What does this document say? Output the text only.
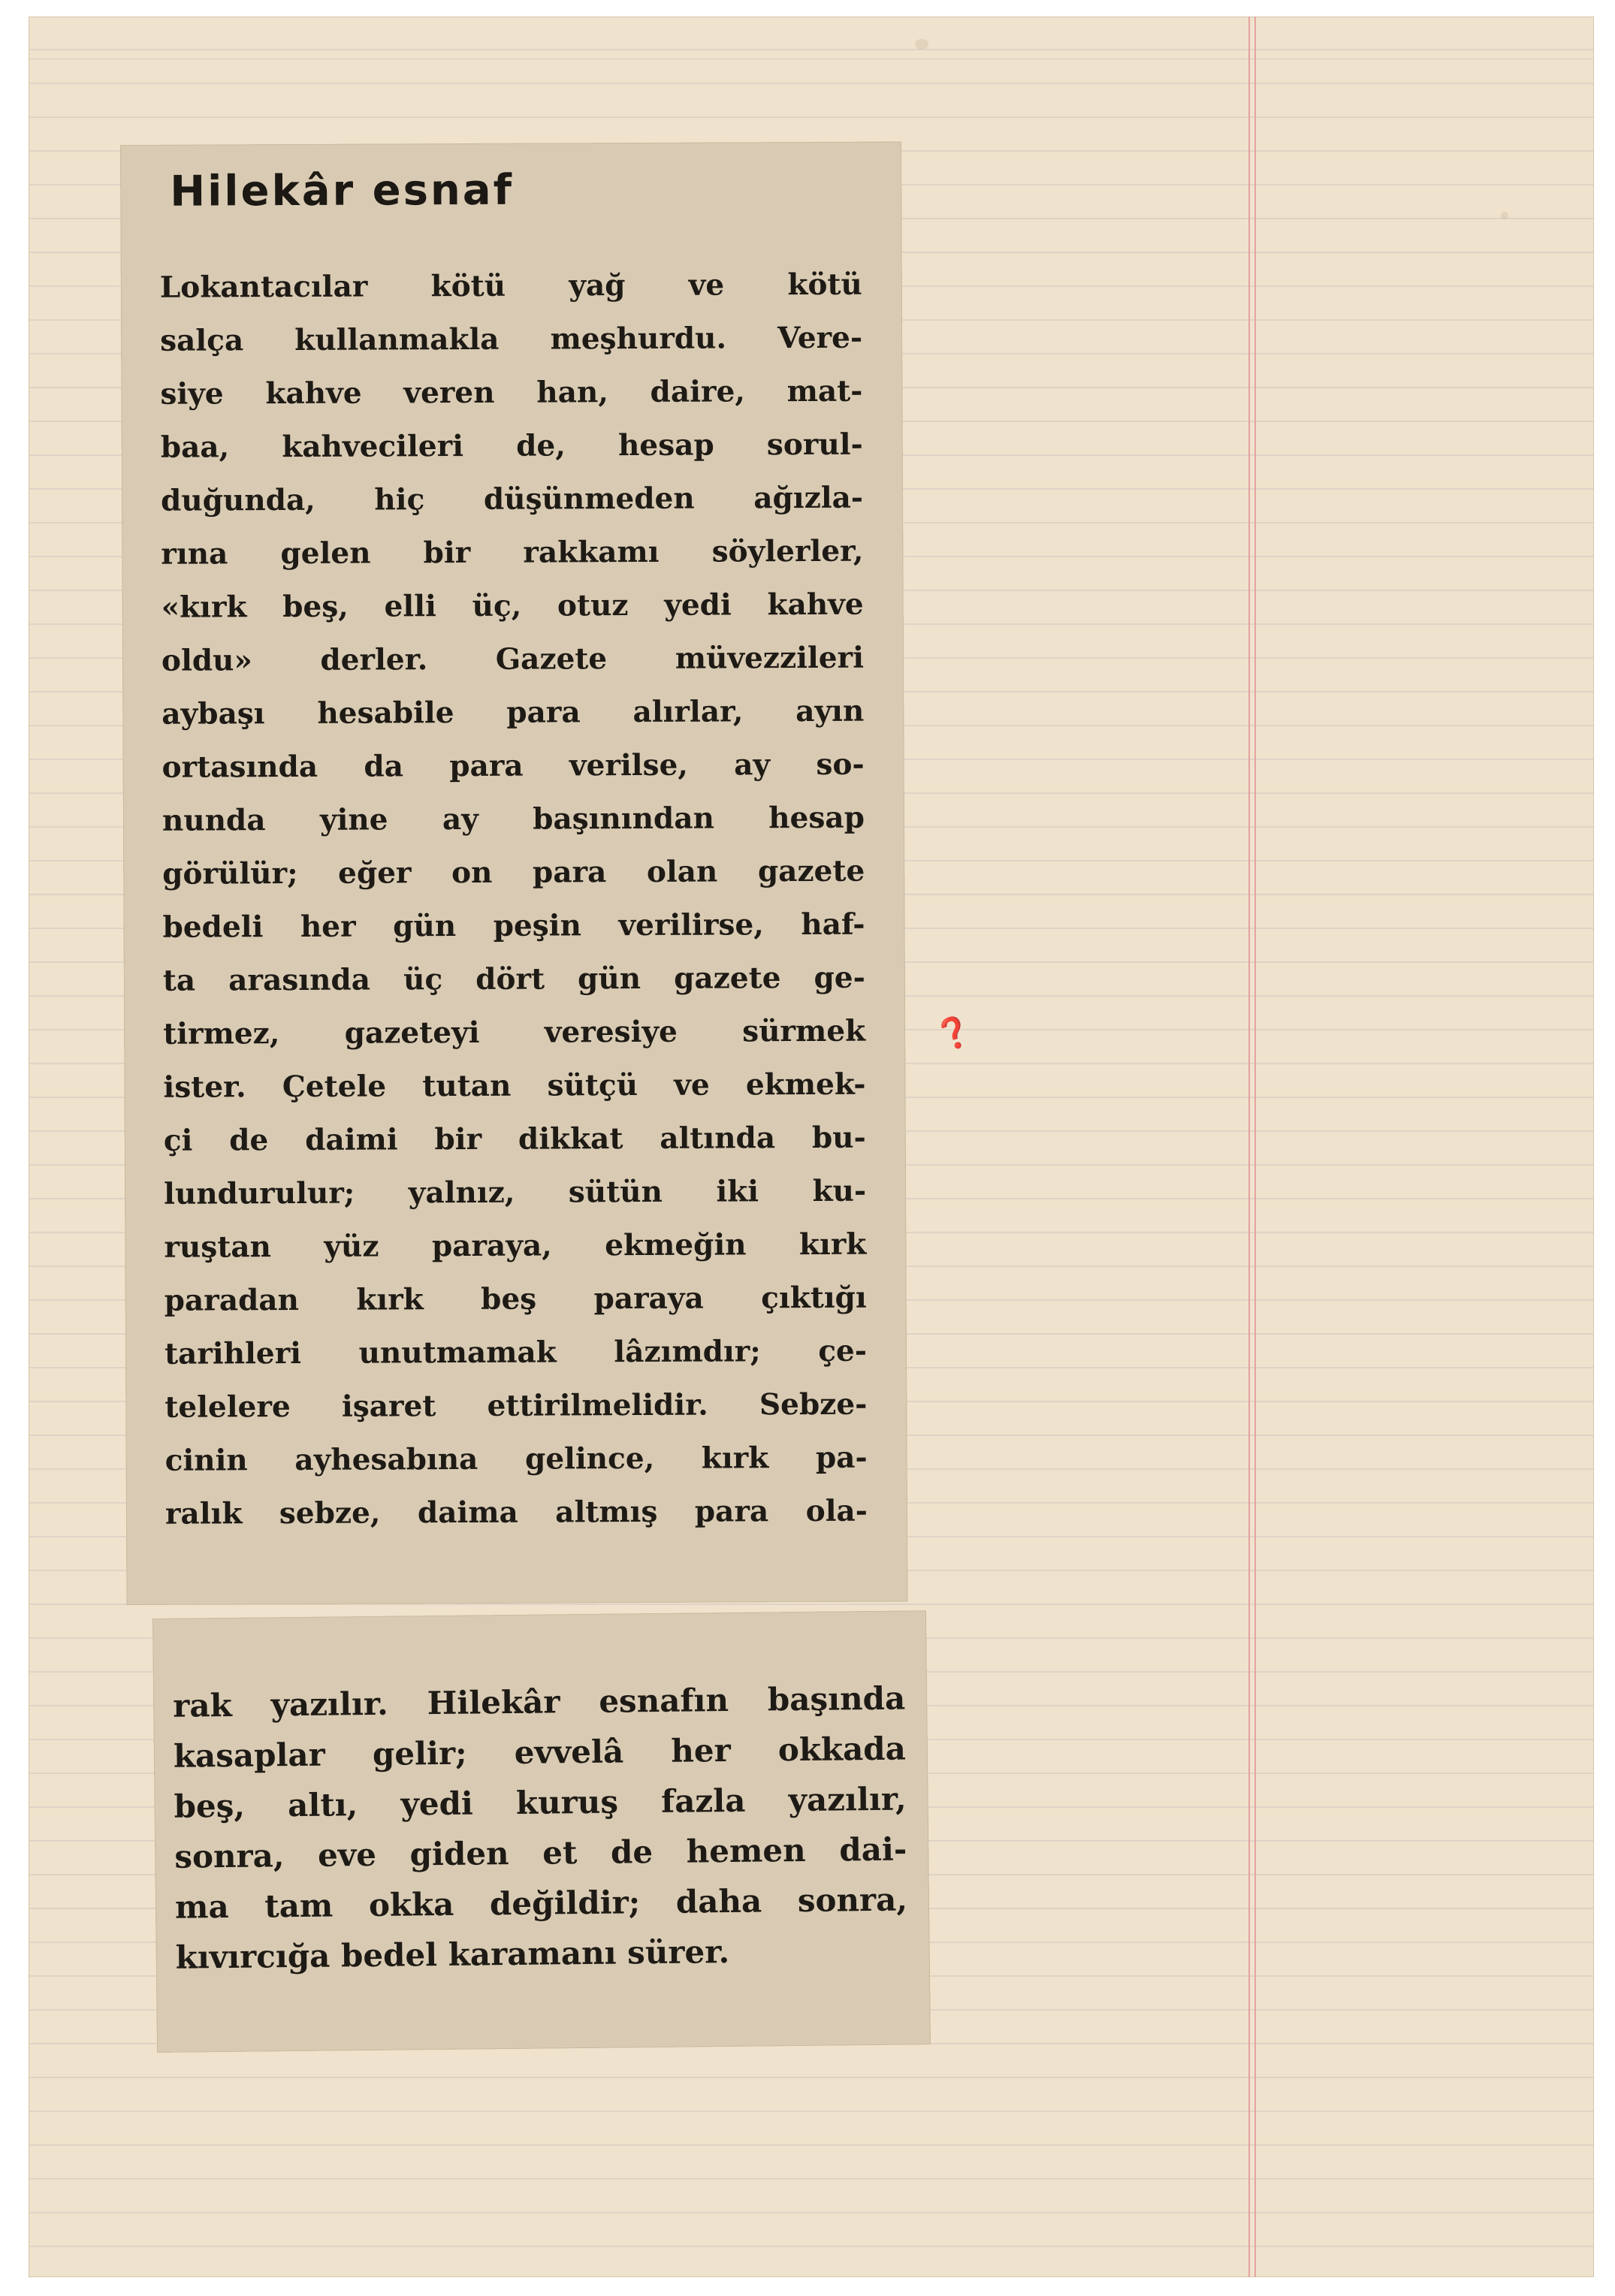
Hilekâr esnaf
Lokantacılar kötü yağ ve kötü
salça kullanmakla meşhurdu. Vere-
siye kahve veren han, daire, mat-
baa, kahvecileri de, hesap sorul-
duğunda, hiç düşünmeden ağızla-
rına gelen bir rakkamı söylerler,
«kırk beş, elli üç, otuz yedi kahve
oldu» derler. Gazete müvezzileri
aybaşı hesabile para alırlar, ayın
ortasında da para verilse, ay so-
nunda yine ay başınından hesap
görülür; eğer on para olan gazete
bedeli her gün peşin verilirse, haf-
ta arasında üç dört gün gazete ge-
tirmez, gazeteyi veresiye sürmek
ister. Çetele tutan sütçü ve ekmek-
çi de daimi bir dikkat altında bu-
lundurulur; yalnız, sütün iki ku-
ruştan yüz paraya, ekmeğin kırk
paradan kırk beş paraya çıktığı
tarihleri unutmamak lâzımdır; çe-
telelere işaret ettirilmelidir. Sebze-
cinin ayhesabına gelince, kırk pa-
ralık sebze, daima altmış para ola-
❓
rak yazılır. Hilekâr esnafın başında
kasaplar gelir; evvelâ her okkada
beş, altı, yedi kuruş fazla yazılır,
sonra, eve giden et de hemen dai-
ma tam okka değildir; daha sonra,
kıvırcığa bedel karamanı sürer.
